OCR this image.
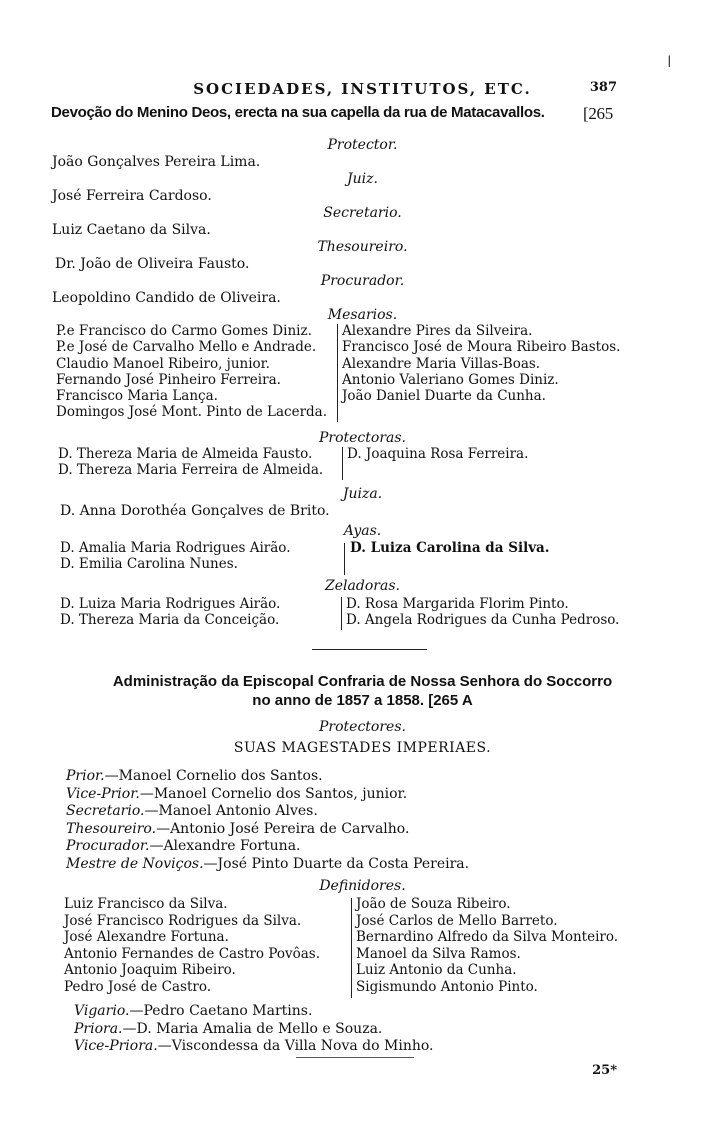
ǀ
SOCIEDADES, INSTITUTOS, ETC.	387
Devoção do Menino Deos, erecta na sua capella da rua de Matacavallos. [265
Protector.
João Gonçalves Pereira Lima.
Juiz.
José Ferreira Cardoso.
Secretario.
Luiz Caetano da Silva.
Thesoureiro.
Dr. João de Oliveira Fausto.
Procurador.
Leopoldino Candido de Oliveira.
Mesarios.
P.e Francisco do Carmo Gomes Diniz.
P.e José de Carvalho Mello e Andrade.
Claudio Manoel Ribeiro, junior.
Fernando José Pinheiro Ferreira.
Francisco Maria Lança.
Domingos José Mont. Pinto de Lacerda.
Alexandre Pires da Silveira.
Francisco José de Moura Ribeiro Bastos.
Alexandre Maria Villas-Boas.
Antonio Valeriano Gomes Diniz.
João Daniel Duarte da Cunha.
Protectoras.
D. Thereza Maria de Almeida Fausto.
D. Thereza Maria Ferreira de Almeida.
D. Joaquina Rosa Ferreira.
Juiza.
D. Anna Dorothéa Gonçalves de Brito.
Ayas.
D. Amalia Maria Rodrigues Airão.
D. Emilia Carolina Nunes.
D. Luiza Carolina da Silva.
Zeladoras.
D. Luiza Maria Rodrigues Airão.
D. Thereza Maria da Conceição.
D. Rosa Margarida Florim Pinto.
D. Angela Rodrigues da Cunha Pedroso.
Administração da Episcopal Confraria de Nossa Senhora do Soccorro
no anno de 1857 a 1858. [265 A
Protectores.
SUAS MAGESTADES IMPERIAES.
Prior.—Manoel Cornelio dos Santos.
Vice-Prior.—Manoel Cornelio dos Santos, junior.
Secretario.—Manoel Antonio Alves.
Thesoureiro.—Antonio José Pereira de Carvalho.
Procurador.—Alexandre Fortuna.
Mestre de Noviços.—José Pinto Duarte da Costa Pereira.
Definidores.
Luiz Francisco da Silva.
José Francisco Rodrigues da Silva.
José Alexandre Fortuna.
Antonio Fernandes de Castro Povôas.
Antonio Joaquim Ribeiro.
Pedro José de Castro.
João de Souza Ribeiro.
José Carlos de Mello Barreto.
Bernardino Alfredo da Silva Monteiro.
Manoel da Silva Ramos.
Luiz Antonio da Cunha.
Sigismundo Antonio Pinto.
Vigario.—Pedro Caetano Martins.
Priora.—D. Maria Amalia de Mello e Souza.
Vice-Priora.—Viscondessa da Villa Nova do Minho.
25*
